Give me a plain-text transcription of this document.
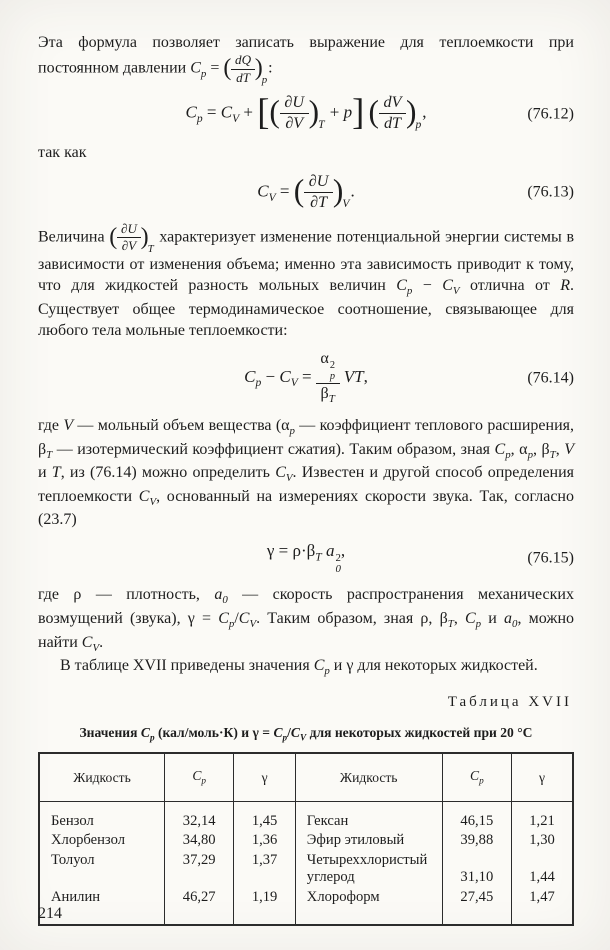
Эта формула позволяет записать выражение для теплоемкости при постоянном давлении $C_p$ = ( $\frac{dQ}{dT} )_p$:

$C_p = C_V$ + [( $\frac{\partial U}{\partial V} )_T + p$] ( $\frac{dV}{dT} )_p$,	(76.12)

так как

$C_V$ = ( $\frac{\partial U}{\partial T} )_V$.	(76.13)

Величина ( $\frac{\partial U}{\partial V} )_T$ характеризует изменение потенциальной энергии системы в зависимости от изменения объема; именно эта зависимость приводит к тому, что для жидкостей разность мольных величин $C_p - C_V$ отлична от R. Существует общее термодинамическое соотношение, связывающее для любого тела мольные теплоемкости:

$C_p - C_V = \alpha$ 2
p
$\beta_T$ VT,	(76.14)

где V — мольный объем вещества ($\alpha_p$ — коэффициент теплового расширения, $\beta_T$ — изотермический коэффициент сжатия). Таким образом, зная $C_p$, $\alpha_p$, $\beta_T$, V и T, из (76.14) можно определить $C_V$. Известен и другой способ определения теплоемкости $C_V$, основанный на измерениях скорости звука. Так, согласно (23.7)

$\gamma = \rho\cdot\beta_T$ a 2
0
,	(76.15)

где ρ — плотность, $a_0$ — скорость распространения механических возмущений (звука), $\gamma = C_p/C_V$. Таким образом, зная ρ, $\beta_T$, $C_p$ и $a_0$, можно найти $C_V$.

В таблице XVII приведены значения $C_p$ и γ для некоторых жидкостей.

Таблица XVII
Значения $C_p$ (кал/моль·К) и $\gamma = C_p/C_V$ для некоторых жидкостей при 20 °С
Жидкость	$C_p$	γ	Жидкость	$C_p$	γ
Бензол	32,14	1,45	Гексан	46,15	1,21
Хлорбензол	34,80	1,36	Эфир этиловый	39,88	1,30
Толуол	37,29	1,37	Четыреххлористый углерод	31,10	1,44
Анилин	46,27	1,19	Хлороформ	27,45	1,47
214
